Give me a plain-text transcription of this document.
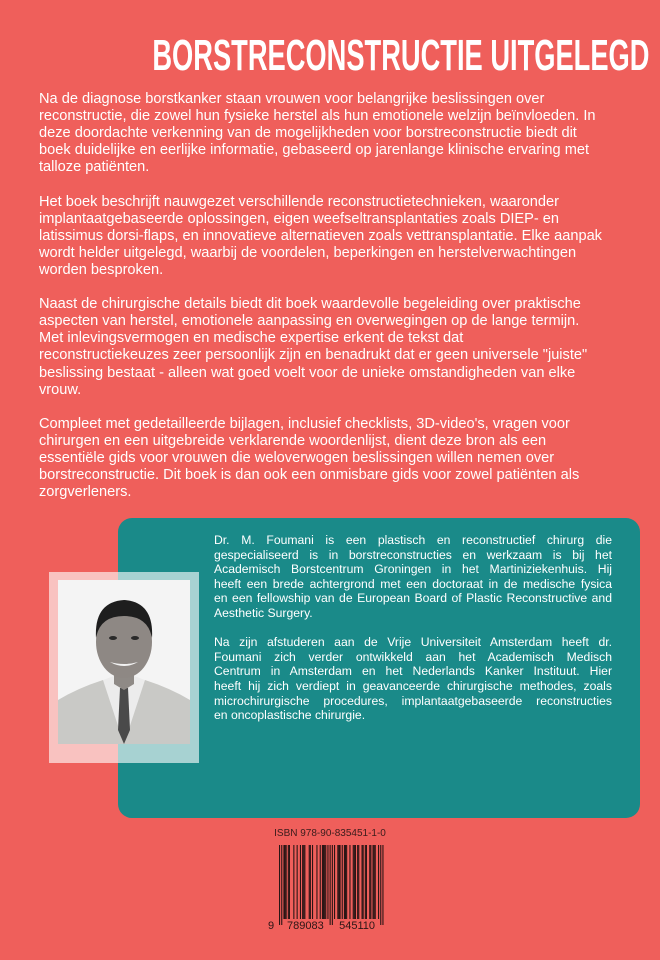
BORSTRECONSTRUCTIE UITGELEGD

Na de diagnose borstkanker staan vrouwen voor belangrijke beslissingen over
reconstructie, die zowel hun fysieke herstel als hun emotionele welzijn beïnvloeden. In
deze doordachte verkenning van de mogelijkheden voor borstreconstructie biedt dit
boek duidelijke en eerlijke informatie, gebaseerd op jarenlange klinische ervaring met
talloze patiënten.

Het boek beschrijft nauwgezet verschillende reconstructietechnieken, waaronder
implantaatgebaseerde oplossingen, eigen weefseltransplantaties zoals DIEP- en
latissimus dorsi-flaps, en innovatieve alternatieven zoals vettransplantatie. Elke aanpak
wordt helder uitgelegd, waarbij de voordelen, beperkingen en herstelverwachtingen
worden besproken.

Naast de chirurgische details biedt dit boek waardevolle begeleiding over praktische
aspecten van herstel, emotionele aanpassing en overwegingen op de lange termijn.
Met inlevingsvermogen en medische expertise erkent de tekst dat
reconstructiekeuzes zeer persoonlijk zijn en benadrukt dat er geen universele "juiste"
beslissing bestaat - alleen wat goed voelt voor de unieke omstandigheden van elke
vrouw.

Compleet met gedetailleerde bijlagen, inclusief checklists, 3D-video's, vragen voor
chirurgen en een uitgebreide verklarende woordenlijst, dient deze bron als een
essentiële gids voor vrouwen die weloverwogen beslissingen willen nemen over
borstreconstructie. Dit boek is dan ook een onmisbare gids voor zowel patiënten als
zorgverleners.

Dr. M. Foumani is een plastisch en reconstructief chirurg die
gespecialiseerd is in borstreconstructies en werkzaam is bij het
Academisch Borstcentrum Groningen in het Martiniziekenhuis. Hij
heeft een brede achtergrond met een doctoraat in de medische fysica
en een fellowship van de European Board of Plastic Reconstructive and
Aesthetic Surgery.

Na zijn afstuderen aan de Vrije Universiteit Amsterdam heeft dr.
Foumani zich verder ontwikkeld aan het Academisch Medisch
Centrum in Amsterdam en het Nederlands Kanker Instituut. Hier
heeft hij zich verdiept in geavanceerde chirurgische methodes, zoals
microchirurgische procedures, implantaatgebaseerde reconstructies
en oncoplastische chirurgie.

ISBN 978-90-835451-1-0
9 789083 545110
